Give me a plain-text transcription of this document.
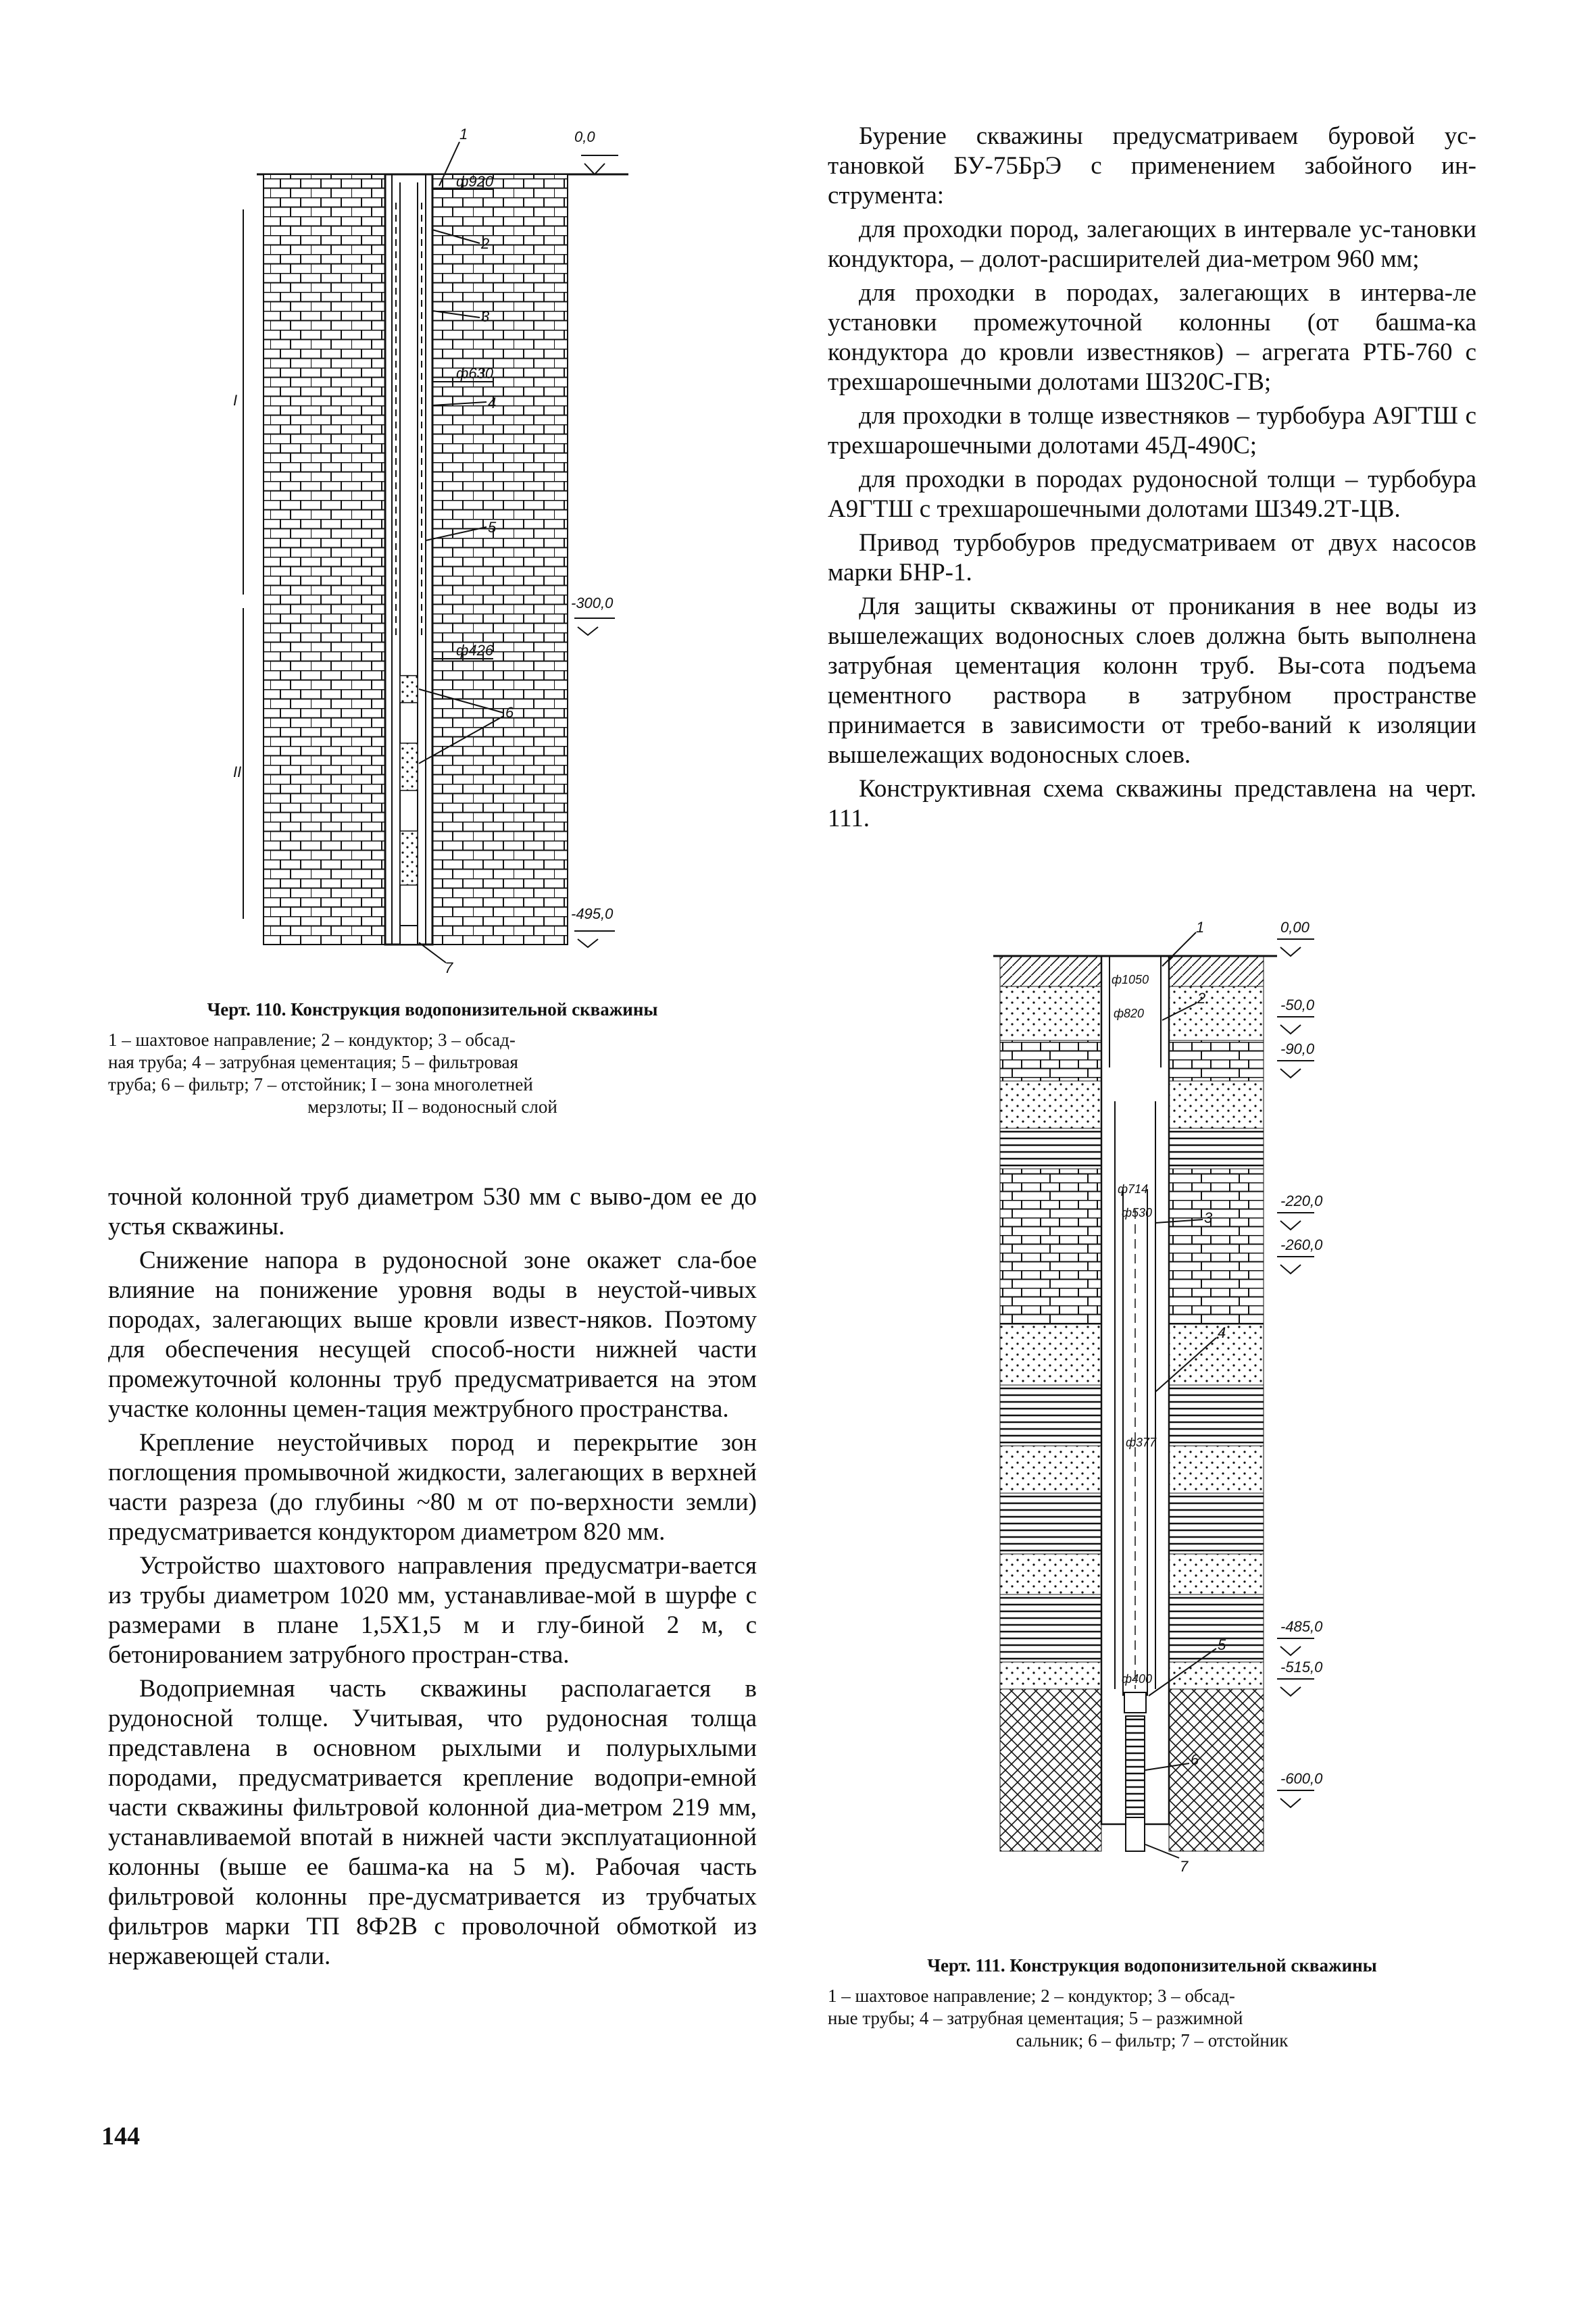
0,0
-300,0
-495,0
ф920
ф630
ф426
1
2
3
4
5
6
7
I
II

Черт. 110. Конструкция водопонизительной скважины

1 – шахтовое направление; 2 – кондуктор; 3 – обсад-
ная труба; 4 – затрубная цементация; 5 – фильтровая
труба; 6 – фильтр; 7 – отстойник; I – зона многолетней
мерзлоты; II – водоносный слой

точной колонной труб диаметром 530 мм с выво-дом ее до устья скважины.

Снижение напора в рудоносной зоне окажет сла-бое влияние на понижение уровня воды в неустой-чивых породах, залегающих выше кровли извест-няков. Поэтому для обеспечения несущей способ-ности нижней части промежуточной колонны труб предусматривается на этом участке колонны цемен-тация межтрубного пространства.

Крепление неустойчивых пород и перекрытие зон поглощения промывочной жидкости, залегающих в верхней части разреза (до глубины ~80 м от по-верхности земли) предусматривается кондуктором диаметром 820 мм.

Устройство шахтового направления предусматри-вается из трубы диаметром 1020 мм, устанавливае-мой в шурфе с размерами в плане 1,5Х1,5 м и глу-биной 2 м, с бетонированием затрубного простран-ства.

Водоприемная часть скважины располагается в рудоносной толще. Учитывая, что рудоносная толща представлена в основном рыхлыми и полурыхлыми породами, предусматривается крепление водопри-емной части скважины фильтровой колонной диа-метром 219 мм, устанавливаемой впотай в нижней части эксплуатационной колонны (выше ее башма-ка на 5 м). Рабочая часть фильтровой колонны пре-дусматривается из трубчатых фильтров марки ТП 8Ф2В с проволочной обмоткой из нержавеющей стали.

144

Бурение скважины предусматриваем буровой ус-тановкой БУ-75БрЭ с применением забойного ин-струмента:

для проходки пород, залегающих в интервале ус-тановки кондуктора, – долот-расширителей диа-метром 960 мм;

для проходки в породах, залегающих в интерва-ле установки промежуточной колонны (от башма-ка кондуктора до кровли известняков) – агрегата РТБ-760 с трехшарошечными долотами Ш320С-ГВ;

для проходки в толще известняков – турбобура А9ГТШ с трехшарошечными долотами 45Д-490С;

для проходки в породах рудоносной толщи – турбобура А9ГТШ с трехшарошечными долотами Ш349.2Т-ЦВ.

Привод турбобуров предусматриваем от двух насосов марки БНР-1.

Для защиты скважины от проникания в нее воды из вышележащих водоносных слоев должна быть выполнена затрубная цементация колонн труб. Вы-сота подъема цементного раствора в затрубном пространстве принимается в зависимости от требо-ваний к изоляции вышележащих водоносных слоев.

Конструктивная схема скважины представлена на черт. 111.

0,00
-50,0
-90,0
-220,0
-260,0
-485,0
-515,0
-600,0
ф1050
ф820
ф714
ф530
ф377
ф400
1
2
3
4
5
6
7

Черт. 111. Конструкция водопонизительной скважины

1 – шахтовое направление; 2 – кондуктор; 3 – обсад-
ные трубы; 4 – затрубная цементация; 5 – разжимной
сальник; 6 – фильтр; 7 – отстойник
